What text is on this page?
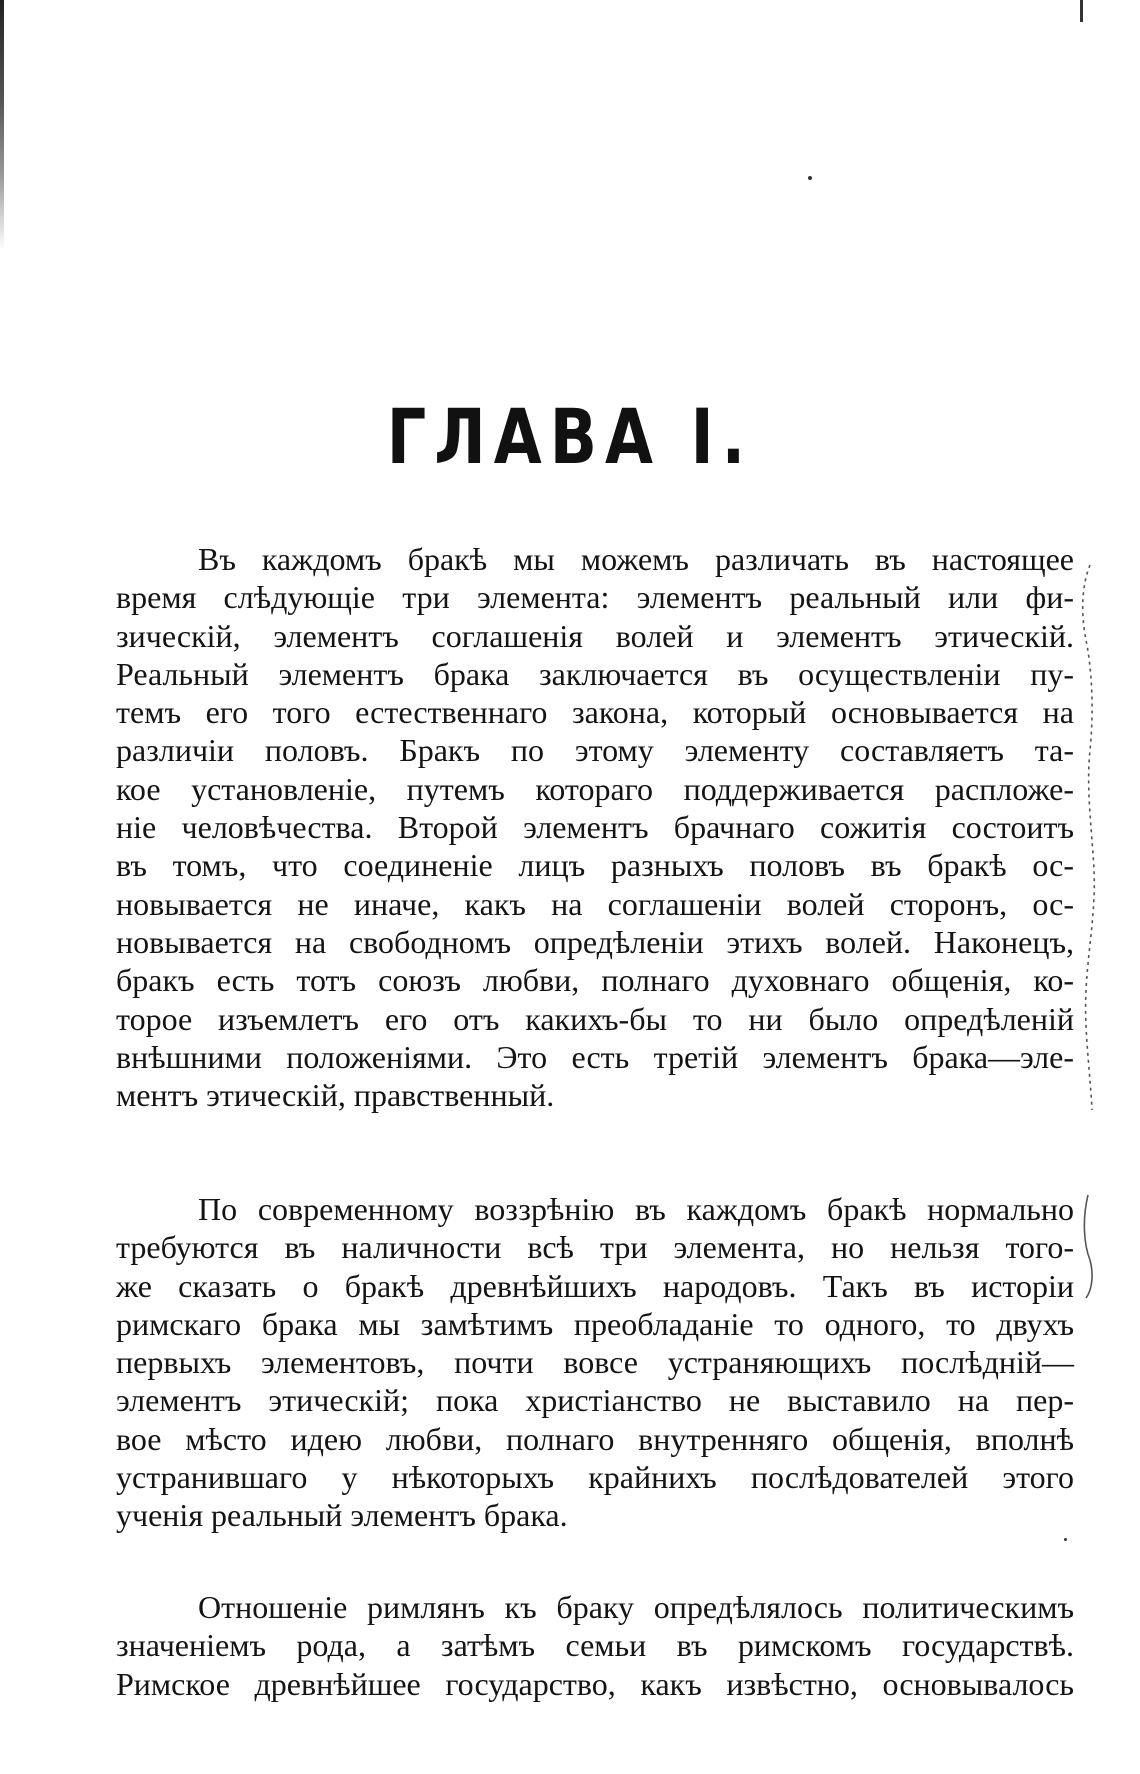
ГЛАВА I.
Въ каждомъ бракѣ мы можемъ различать въ настоящее
время слѣдующіе три элемента: элементъ реальный или фи-
зическій, элементъ соглашенія волей и элементъ этическій.
Реальный элементъ брака заключается въ осуществленіи пу-
темъ его того естественнаго закона, который основывается на
различіи половъ. Бракъ по этому элементу составляетъ та-
кое установленіе, путемъ котораго поддерживается распложе-
ніе человѣчества. Второй элементъ брачнаго сожитія состоитъ
въ томъ, что соединеніе лицъ разныхъ половъ въ бракѣ ос-
новывается не иначе, какъ на соглашеніи волей сторонъ, ос-
новывается на свободномъ опредѣленіи этихъ волей. Наконецъ,
бракъ есть тотъ союзъ любви, полнаго духовнаго общенія, ко-
торое изъемлетъ его отъ какихъ-бы то ни было опредѣленій
внѣшними положеніями. Это есть третій элементъ брака—эле-
ментъ этическій, правственный.
По современному воззрѣнію въ каждомъ бракѣ нормально
требуются въ наличности всѣ три элемента, но нельзя того-
же сказать о бракѣ древнѣйшихъ народовъ. Такъ въ исторіи
римскаго брака мы замѣтимъ преобладаніе то одного, то двухъ
первыхъ элементовъ, почти вовсе устраняющихъ послѣдній—
элементъ этическій; пока христіанство не выставило на пер-
вое мѣсто идею любви, полнаго внутренняго общенія, вполнѣ
устранившаго у нѣкоторыхъ крайнихъ послѣдователей этого
ученія реальный элементъ брака.
Отношеніе римлянъ къ браку опредѣлялось политическимъ
значеніемъ рода, а затѣмъ семьи въ римскомъ государствѣ.
Римское древнѣйшее государство, какъ извѣстно, основывалось
